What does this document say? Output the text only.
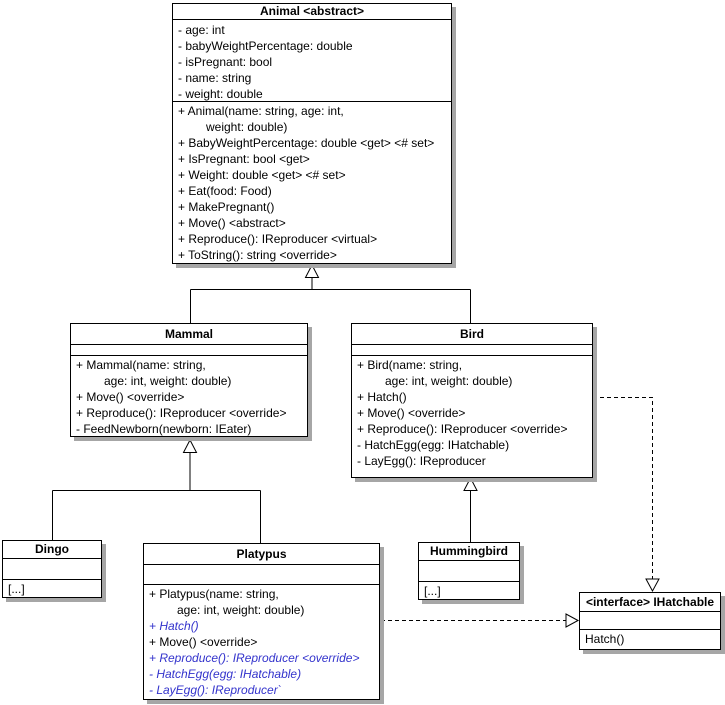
Animal <abstract>
- age: int
- babyWeightPercentage: double
- isPregnant: bool
- name: string
- weight: double
+ Animal(name: string, age: int,
weight: double)
+ BabyWeightPercentage: double <get> <# set>
+ IsPregnant: bool <get>
+ Weight: double <get> <# set>
+ Eat(food: Food)
+ MakePregnant()
+ Move() <abstract>
+ Reproduce(): IReproducer <virtual>
+ ToString(): string <override>
Mammal
+ Mammal(name: string,
age: int, weight: double)
+ Move() <override>
+ Reproduce(): IReproducer <override>
- FeedNewborn(newborn: IEater)
Bird
+ Bird(name: string,
age: int, weight: double)
+ Hatch()
+ Move() <override>
+ Reproduce(): IReproducer <override>
- HatchEgg(egg: IHatchable)
- LayEgg(): IReproducer
Dingo
[...]
Platypus
+ Platypus(name: string,
age: int, weight: double)
+ Hatch()
+ Move() <override>
+ Reproduce(): IReproducer <override>
- HatchEgg(egg: IHatchable)
- LayEgg(): IReproducer`
Hummingbird
[...]
<interface> IHatchable
Hatch()
